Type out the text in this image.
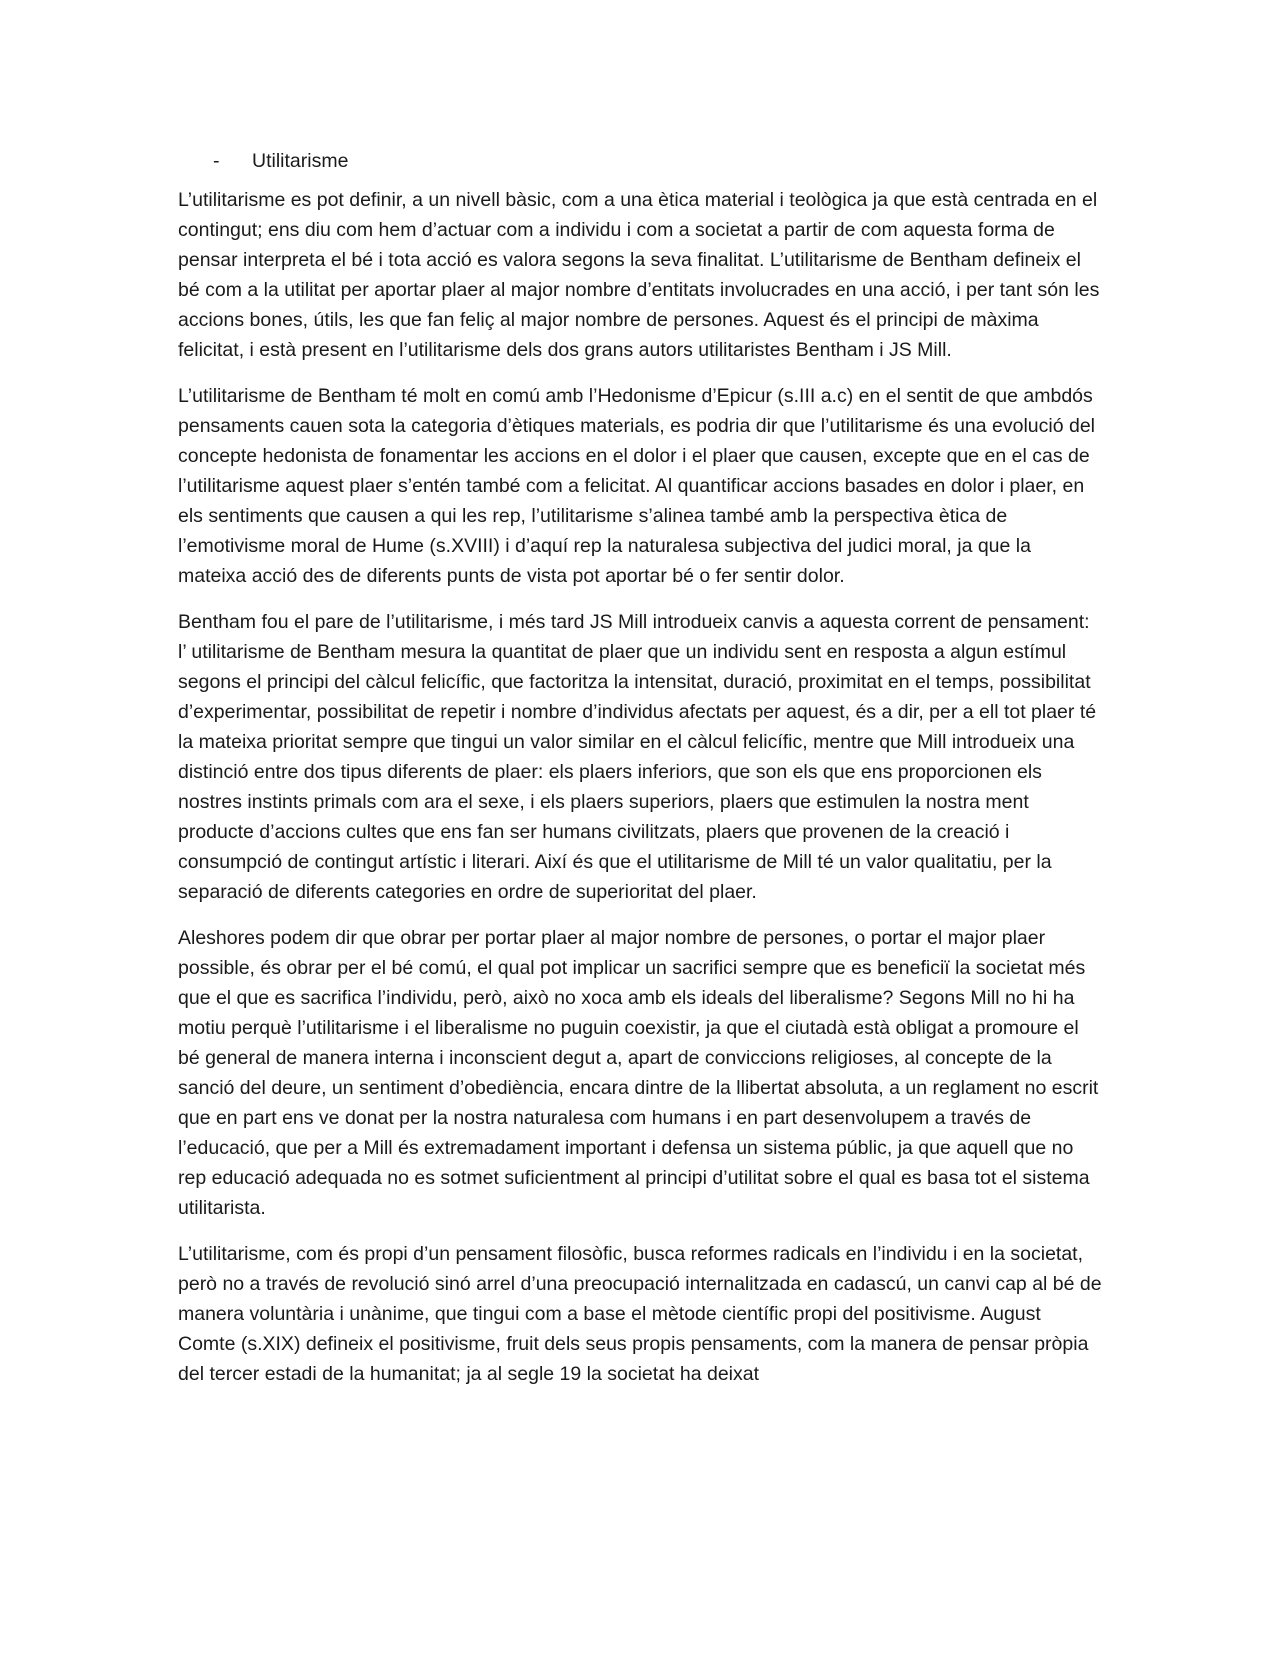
- Utilitarisme

L’utilitarisme es pot definir, a un nivell bàsic, com a una ètica material i teològica ja que està centrada en el contingut; ens diu com hem d’actuar com a individu i com a societat a partir de com aquesta forma de pensar interpreta el bé i tota acció es valora segons la seva finalitat. L’utilitarisme de Bentham defineix el bé com a la utilitat per aportar plaer al major nombre d’entitats involucrades en una acció, i per tant són les accions bones, útils, les que fan feliç al major nombre de persones. Aquest és el principi de màxima felicitat, i està present en l’utilitarisme dels dos grans autors utilitaristes Bentham i JS Mill.

L’utilitarisme de Bentham té molt en comú amb l’Hedonisme d’Epicur (s.III a.c) en el sentit de que ambdós pensaments cauen sota la categoria d’ètiques materials, es podria dir que l’utilitarisme és una evolució del concepte hedonista de fonamentar les accions en el dolor i el plaer que causen, excepte que en el cas de l’utilitarisme aquest plaer s’entén també com a felicitat. Al quantificar accions basades en dolor i plaer, en els sentiments que causen a qui les rep, l’utilitarisme s’alinea també amb la perspectiva ètica de l’emotivisme moral de Hume (s.XVIII) i d’aquí rep la naturalesa subjectiva del judici moral, ja que la mateixa acció des de diferents punts de vista pot aportar bé o fer sentir dolor.

Bentham fou el pare de l’utilitarisme, i més tard JS Mill introdueix canvis a aquesta corrent de pensament: l’ utilitarisme de Bentham mesura la quantitat de plaer que un individu sent en resposta a algun estímul segons el principi del càlcul felicífic, que factoritza la intensitat, duració, proximitat en el temps, possibilitat d’experimentar, possibilitat de repetir i nombre d’individus afectats per aquest, és a dir, per a ell tot plaer té la mateixa prioritat sempre que tingui un valor similar en el càlcul felicífic, mentre que Mill introdueix una distinció entre dos tipus diferents de plaer: els plaers inferiors, que son els que ens proporcionen els nostres instints primals com ara el sexe, i els plaers superiors, plaers que estimulen la nostra ment producte d’accions cultes que ens fan ser humans civilitzats, plaers que provenen de la creació i consumpció de contingut artístic i literari. Així és que el utilitarisme de Mill té un valor qualitatiu, per la separació de diferents categories en ordre de superioritat del plaer.

Aleshores podem dir que obrar per portar plaer al major nombre de persones, o portar el major plaer possible, és obrar per el bé comú, el qual pot implicar un sacrifici sempre que es beneficiï la societat més que el que es sacrifica l’individu, però, això no xoca amb els ideals del liberalisme? Segons Mill no hi ha motiu perquè l’utilitarisme i el liberalisme no puguin coexistir, ja que el ciutadà està obligat a promoure el bé general de manera interna i inconscient degut a, apart de conviccions religioses, al concepte de la sanció del deure, un sentiment d’obediència, encara dintre de la llibertat absoluta, a un reglament no escrit que en part ens ve donat per la nostra naturalesa com humans i en part desenvolupem a través de l’educació, que per a Mill és extremadament important i defensa un sistema públic, ja que aquell que no rep educació adequada no es sotmet suficientment al principi d’utilitat sobre el qual es basa tot el sistema utilitarista.

L’utilitarisme, com és propi d’un pensament filosòfic, busca reformes radicals en l’individu i en la societat, però no a través de revolució sinó arrel d’una preocupació internalitzada en cadascú, un canvi cap al bé de manera voluntària i unànime, que tingui com a base el mètode científic propi del positivisme. August Comte (s.XIX) defineix el positivisme, fruit dels seus propis pensaments, com la manera de pensar pròpia del tercer estadi de la humanitat; ja al segle 19 la societat ha deixat
